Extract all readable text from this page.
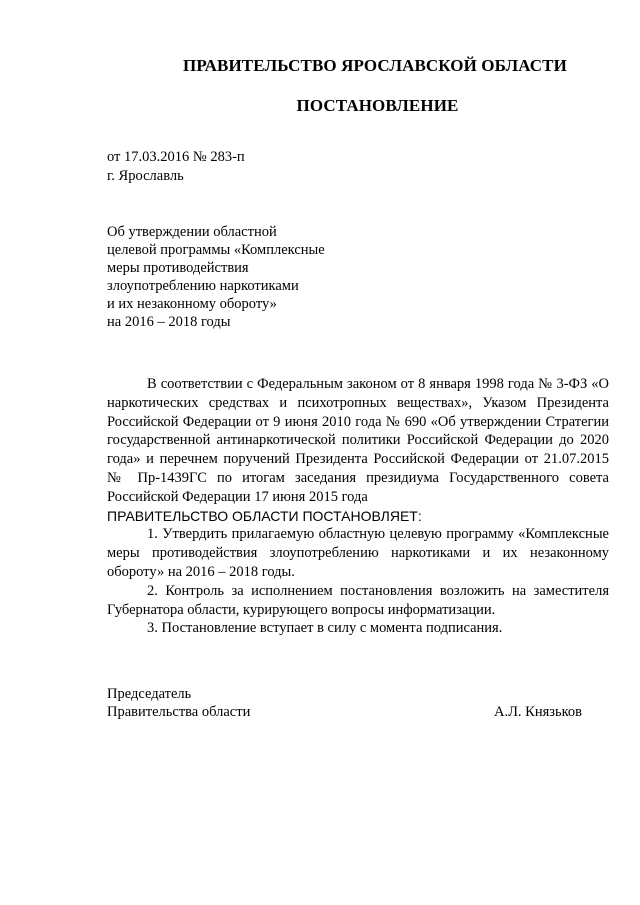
ПРАВИТЕЛЬСТВО ЯРОСЛАВСКОЙ ОБЛАСТИ
ПОСТАНОВЛЕНИЕ
от 17.03.2016 № 283-п
г. Ярославль
Об утверждении областной
целевой программы «Комплексные
меры противодействия
злоупотреблению наркотиками
и их незаконному обороту»
на 2016 – 2018 годы

В соответствии с Федеральным законом от 8 января 1998 года № 3-ФЗ «О наркотических средствах и психотропных веществах», Указом Президента Российской Федерации от 9 июня 2010 года № 690 «Об утверждении Стратегии государственной антинаркотической политики Российской Федерации до 2020 года» и перечнем поручений Президента Российской Федерации от 21.07.2015 № Пр-1439ГС по итогам заседания президиума Государственного совета Российской Федерации 17 июня 2015 года

ПРАВИТЕЛЬСТВО ОБЛАСТИ ПОСТАНОВЛЯЕТ:

1. Утвердить прилагаемую областную целевую программу «Комплексные меры противодействия злоупотреблению наркотиками и их незаконному обороту» на 2016 – 2018 годы.

2. Контроль за исполнением постановления возложить на заместителя Губернатора области, курирующего вопросы информатизации.

3. Постановление вступает в силу с момента подписания.

Председатель
Правительства области	А.Л. Князьков
